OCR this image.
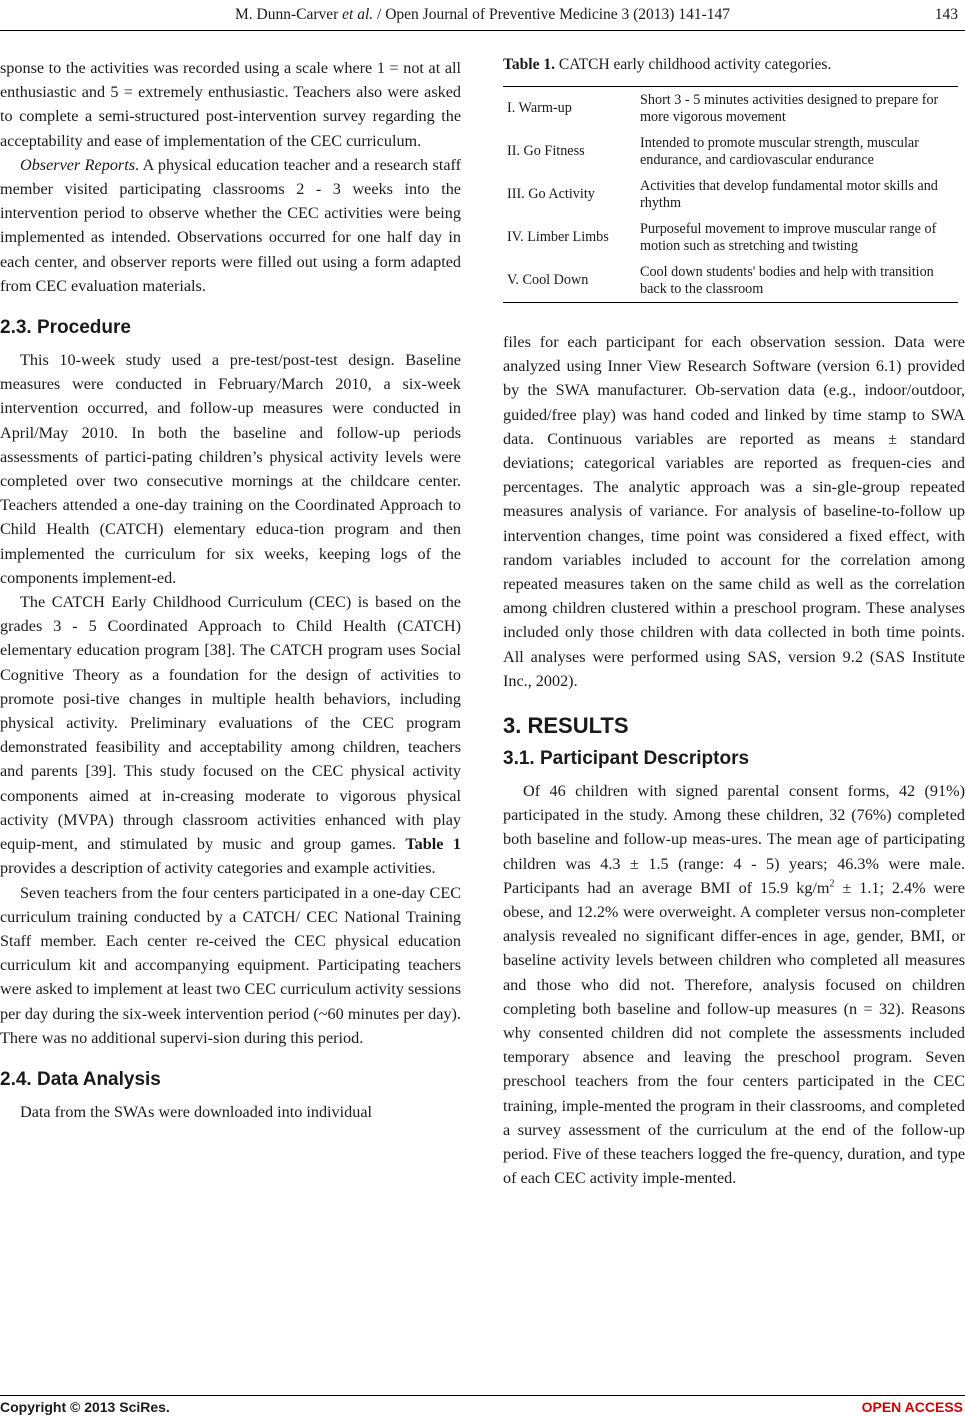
M. Dunn-Carver et al. / Open Journal of Preventive Medicine 3 (2013) 141-147	143

sponse to the activities was recorded using a scale where 1 = not at all enthusiastic and 5 = extremely enthusiastic. Teachers also were asked to complete a semi-structured post-intervention survey regarding the acceptability and ease of implementation of the CEC curriculum.

Observer Reports. A physical education teacher and a research staff member visited participating classrooms 2 - 3 weeks into the intervention period to observe whether the CEC activities were being implemented as intended. Observations occurred for one half day in each center, and observer reports were filled out using a form adapted from CEC evaluation materials.

2.3. Procedure

This 10-week study used a pre-test/post-test design. Baseline measures were conducted in February/March 2010, a six-week intervention occurred, and follow-up measures were conducted in April/May 2010. In both the baseline and follow-up periods assessments of partici-pating children’s physical activity levels were completed over two consecutive mornings at the childcare center. Teachers attended a one-day training on the Coordinated Approach to Child Health (CATCH) elementary educa-tion program and then implemented the curriculum for six weeks, keeping logs of the components implement-ed.

The CATCH Early Childhood Curriculum (CEC) is based on the grades 3 - 5 Coordinated Approach to Child Health (CATCH) elementary education program [38]. The CATCH program uses Social Cognitive Theory as a foundation for the design of activities to promote posi-tive changes in multiple health behaviors, including physical activity. Preliminary evaluations of the CEC program demonstrated feasibility and acceptability among children, teachers and parents [39]. This study focused on the CEC physical activity components aimed at in-creasing moderate to vigorous physical activity (MVPA) through classroom activities enhanced with play equip-ment, and stimulated by music and group games. Table 1 provides a description of activity categories and example activities.

Seven teachers from the four centers participated in a one-day CEC curriculum training conducted by a CATCH/ CEC National Training Staff member. Each center re-ceived the CEC physical education curriculum kit and accompanying equipment. Participating teachers were asked to implement at least two CEC curriculum activity sessions per day during the six-week intervention period (~60 minutes per day). There was no additional supervi-sion during this period.

2.4. Data Analysis

Data from the SWAs were downloaded into individual

Table 1. CATCH early childhood activity categories.
I. Warm-up	Short 3 - 5 minutes activities designed to prepare for more vigorous movement
II. Go Fitness	Intended to promote muscular strength, muscular endurance, and cardiovascular endurance
III. Go Activity	Activities that develop fundamental motor skills and rhythm
IV. Limber Limbs	Purposeful movement to improve muscular range of motion such as stretching and twisting
V. Cool Down	Cool down students' bodies and help with transition back to the classroom

files for each participant for each observation session. Data were analyzed using Inner View Research Software (version 6.1) provided by the SWA manufacturer. Ob-servation data (e.g., indoor/outdoor, guided/free play) was hand coded and linked by time stamp to SWA data. Continuous variables are reported as means ± standard deviations; categorical variables are reported as frequen-cies and percentages. The analytic approach was a sin-gle-group repeated measures analysis of variance. For analysis of baseline-to-follow up intervention changes, time point was considered a fixed effect, with random variables included to account for the correlation among repeated measures taken on the same child as well as the correlation among children clustered within a preschool program. These analyses included only those children with data collected in both time points. All analyses were performed using SAS, version 9.2 (SAS Institute Inc., 2002).

3. RESULTS
3.1. Participant Descriptors

Of 46 children with signed parental consent forms, 42 (91%) participated in the study. Among these children, 32 (76%) completed both baseline and follow-up meas-ures. The mean age of participating children was 4.3 ± 1.5 (range: 4 - 5) years; 46.3% were male. Participants had an average BMI of 15.9 $kg/m^2 \pm 1.1$; 2.4% were obese, and 12.2% were overweight. A completer versus non-completer analysis revealed no significant differ-ences in age, gender, BMI, or baseline activity levels between children who completed all measures and those who did not. Therefore, analysis focused on children completing both baseline and follow-up measures (n = 32). Reasons why consented children did not complete the assessments included temporary absence and leaving the preschool program. Seven preschool teachers from the four centers participated in the CEC training, imple-mented the program in their classrooms, and completed a survey assessment of the curriculum at the end of the follow-up period. Five of these teachers logged the fre-quency, duration, and type of each CEC activity imple-mented.

Copyright © 2013 SciRes.	OPEN ACCESS
